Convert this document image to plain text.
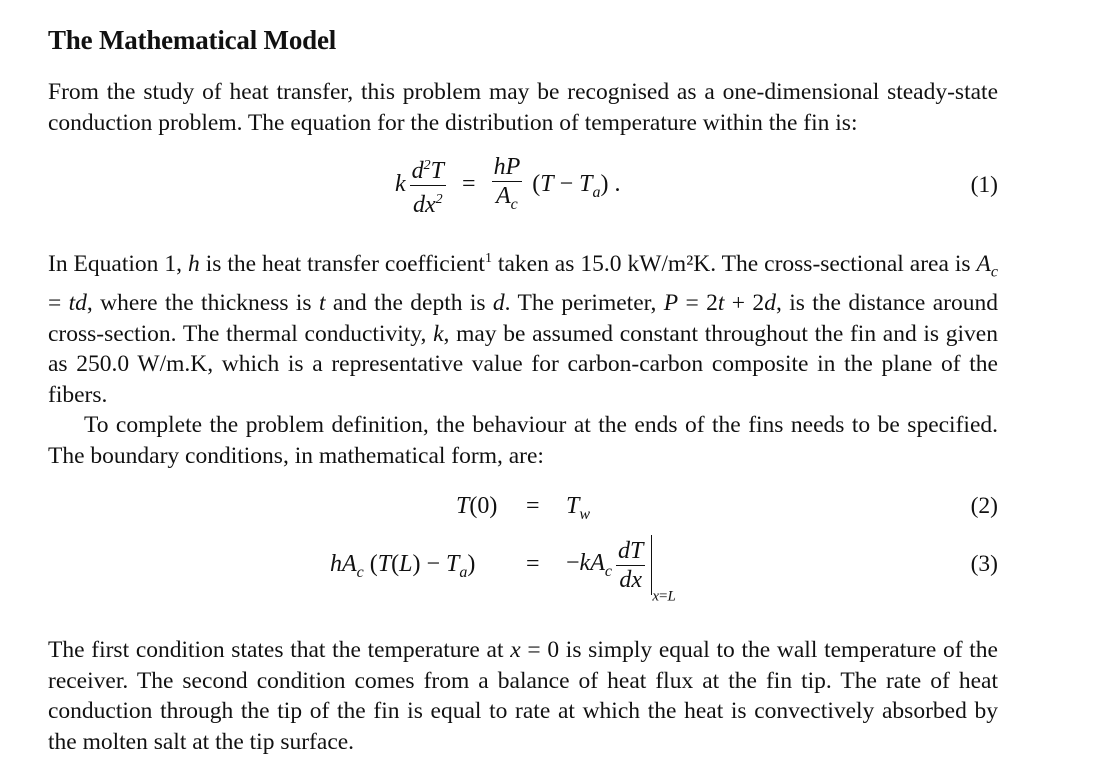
The Mathematical Model

From the study of heat transfer, this problem may be recognised as a one-dimensional steady-state conduction problem. The equation for the distribution of temperature within the fin is:

k $\frac{d^2T}{dx^2} = \frac{hP}{A_c} (T - T_a)$ .	(1)

In Equation 1, h is the heat transfer coefficient$^1$ taken as 15.0 kW/m²K. The cross-sectional area is $A_c$ = td, where the thickness is t and the depth is d. The perimeter, P = 2t + 2d, is the distance around cross-section. The thermal conductivity, k, may be assumed constant throughout the fin and is given as 250.0 W/m.K, which is a representative value for carbon-carbon composite in the plane of the fibers.

To complete the problem definition, the behaviour at the ends of the fins needs to be specified. The boundary conditions, in mathematical form, are:

$T(0) = T_w$	(2)
$hA_c$ $(T(L) - T_a) = -kA_c \frac{dT}{dx}$
$_{x=L}$
(3)

The first condition states that the temperature at x = 0 is simply equal to the wall temperature of the receiver. The second condition comes from a balance of heat flux at the fin tip. The rate of heat conduction through the tip of the fin is equal to rate at which the heat is convectively absorbed by the molten salt at the tip surface.
